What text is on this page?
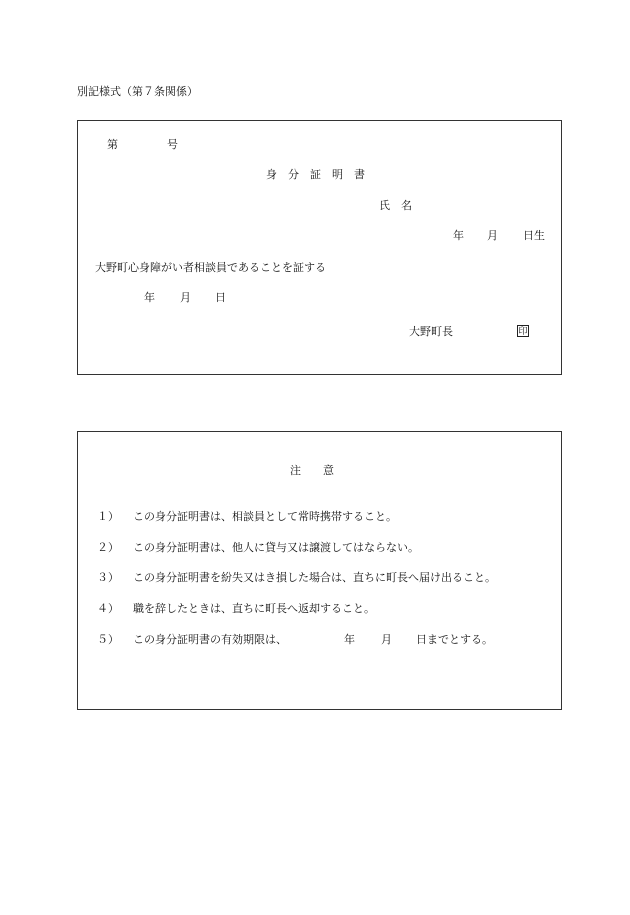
別記様式（第７条関係）
第	号
身　分　証　明　書
氏　名
年 月 日生
大野町心身障がい者相談員であることを証する
年 月 日
大野町長	印
注　　意
１） この身分証明書は、相談員として常時携帯すること。
２） この身分証明書は、他人に貸与又は譲渡してはならない。
３） この身分証明書を紛失又はき損した場合は、直ちに町長へ届け出ること。
４） 職を辞したときは、直ちに町長へ返却すること。
５） この身分証明書の有効期限は、	年 月 日までとする。
